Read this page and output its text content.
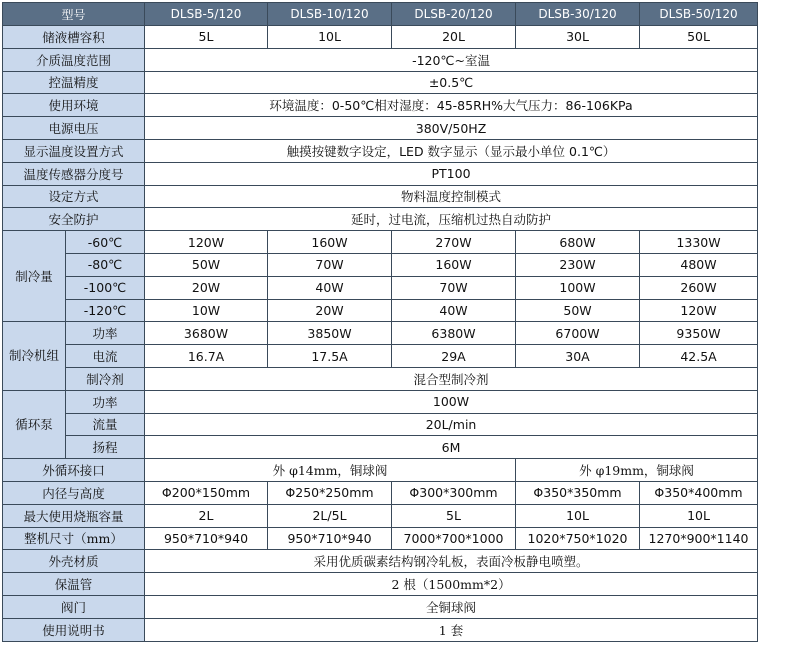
型号		DLSB-5/120	DLSB-10/120	DLSB-20/120	DLSB-30/120	DLSB-50/120
储液槽容积		5L	10L	20L	30L	50L
介质温度范围		-120℃~室温				
控温精度		±0.5℃				
使用环境		环境温度：0-50℃相对湿度：45-85RH%大气压力：86-106KPa				
电源电压		380V/50HZ				
显示温度设置方式		触摸按键数字设定，LED 数字显示（显示最小单位 0.1℃）				
温度传感器分度号		PT100				
设定方式		物料温度控制模式				
安全防护		延时，过电流，压缩机过热自动防护				
制冷量	-60℃	120W	160W	270W	680W	1330W
	-80℃	50W	70W	160W	230W	480W
	-100℃	20W	40W	70W	100W	260W
	-120℃	10W	20W	40W	50W	120W
制冷机组	功率	3680W	3850W	6380W	6700W	9350W
	电流	16.7A	17.5A	29A	30A	42.5A
	制冷剂	混合型制冷剂				
循环泵	功率	100W				
	流量	20L/min				
	扬程	6M				
外循环接口		外 φ14mm，铜球阀			外 φ19mm，铜球阀	
内径与高度		Φ200*150mm	Φ250*250mm	Φ300*300mm	Φ350*350mm	Φ350*400mm
最大使用烧瓶容量		2L	2L/5L	5L	10L	10L
整机尺寸（mm）		950*710*940	950*710*940	7000*700*1000	1020*750*1020	1270*900*1140
外壳材质		采用优质碳素结构钢冷轧板，表面冷板静电喷塑。				
保温管		2 根（1500mm*2）				
阀门		全铜球阀				
使用说明书		1 套				
